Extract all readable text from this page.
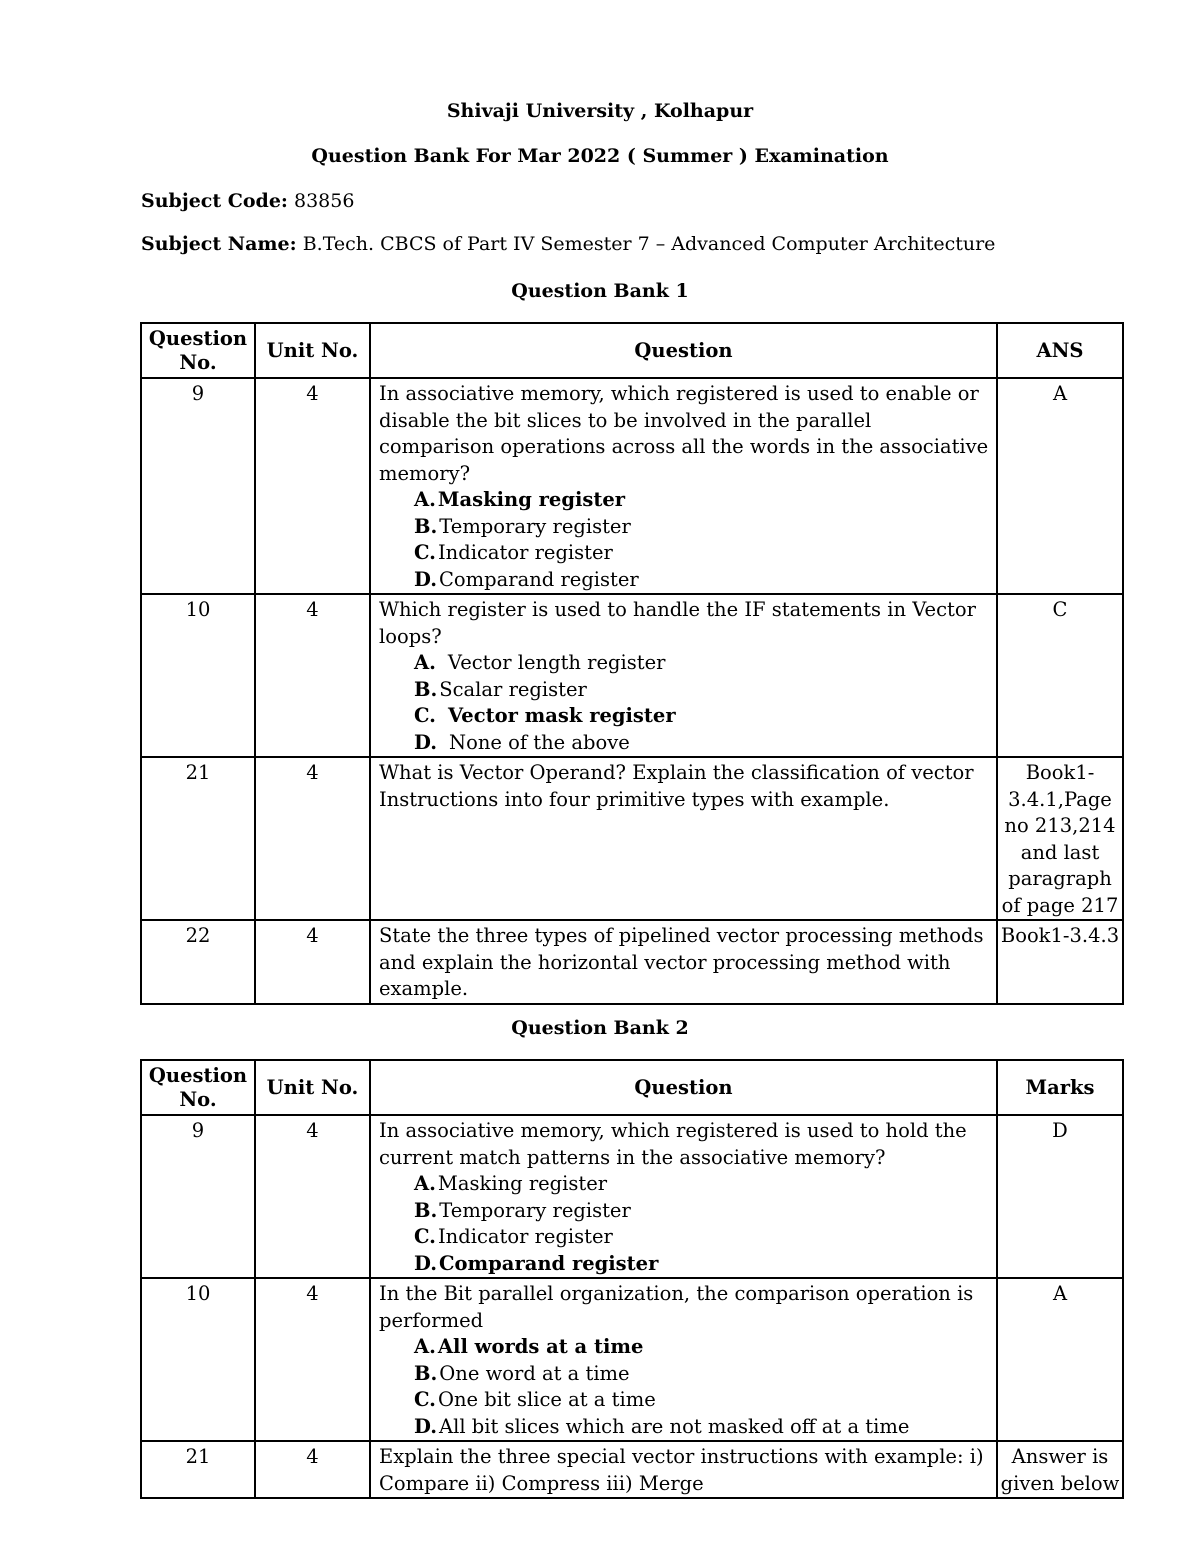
Shivaji University , Kolhapur
Question Bank For Mar 2022 ( Summer ) Examination
Subject Code: 83856
Subject Name: B.Tech. CBCS of Part IV Semester 7 – Advanced Computer Architecture
Question Bank 1
Question No.	Unit No.	Question	ANS
9	4	In associative memory, which registered is used to enable or disable the bit slices to be involved in the parallel comparison operations across all the words in the associative memory?
A. Masking register
B. Temporary register
C. Indicator register
D. Comparand register	A
10	4	Which register is used to handle the IF statements in Vector loops?
A. Vector length register
B. Scalar register
C. Vector mask register
D. None of the above	C
21	4	What is Vector Operand? Explain the classification of vector Instructions into four primitive types with example.	Book1-3.4.1,Page no 213,214 and last paragraph of page 217
22	4	State the three types of pipelined vector processing methods and explain the horizontal vector processing method with example.	Book1-3.4.3
Question Bank 2
Question No.	Unit No.	Question	Marks
9	4	In associative memory, which registered is used to hold the current match patterns in the associative memory?
A. Masking register
B. Temporary register
C. Indicator register
D. Comparand register	D
10	4	In the Bit parallel organization, the comparison operation is performed
A. All words at a time
B. One word at a time
C. One bit slice at a time
D. All bit slices which are not masked off at a time	A
21	4	Explain the three special vector instructions with example: i) Compare ii) Compress iii) Merge	Answer is given below
